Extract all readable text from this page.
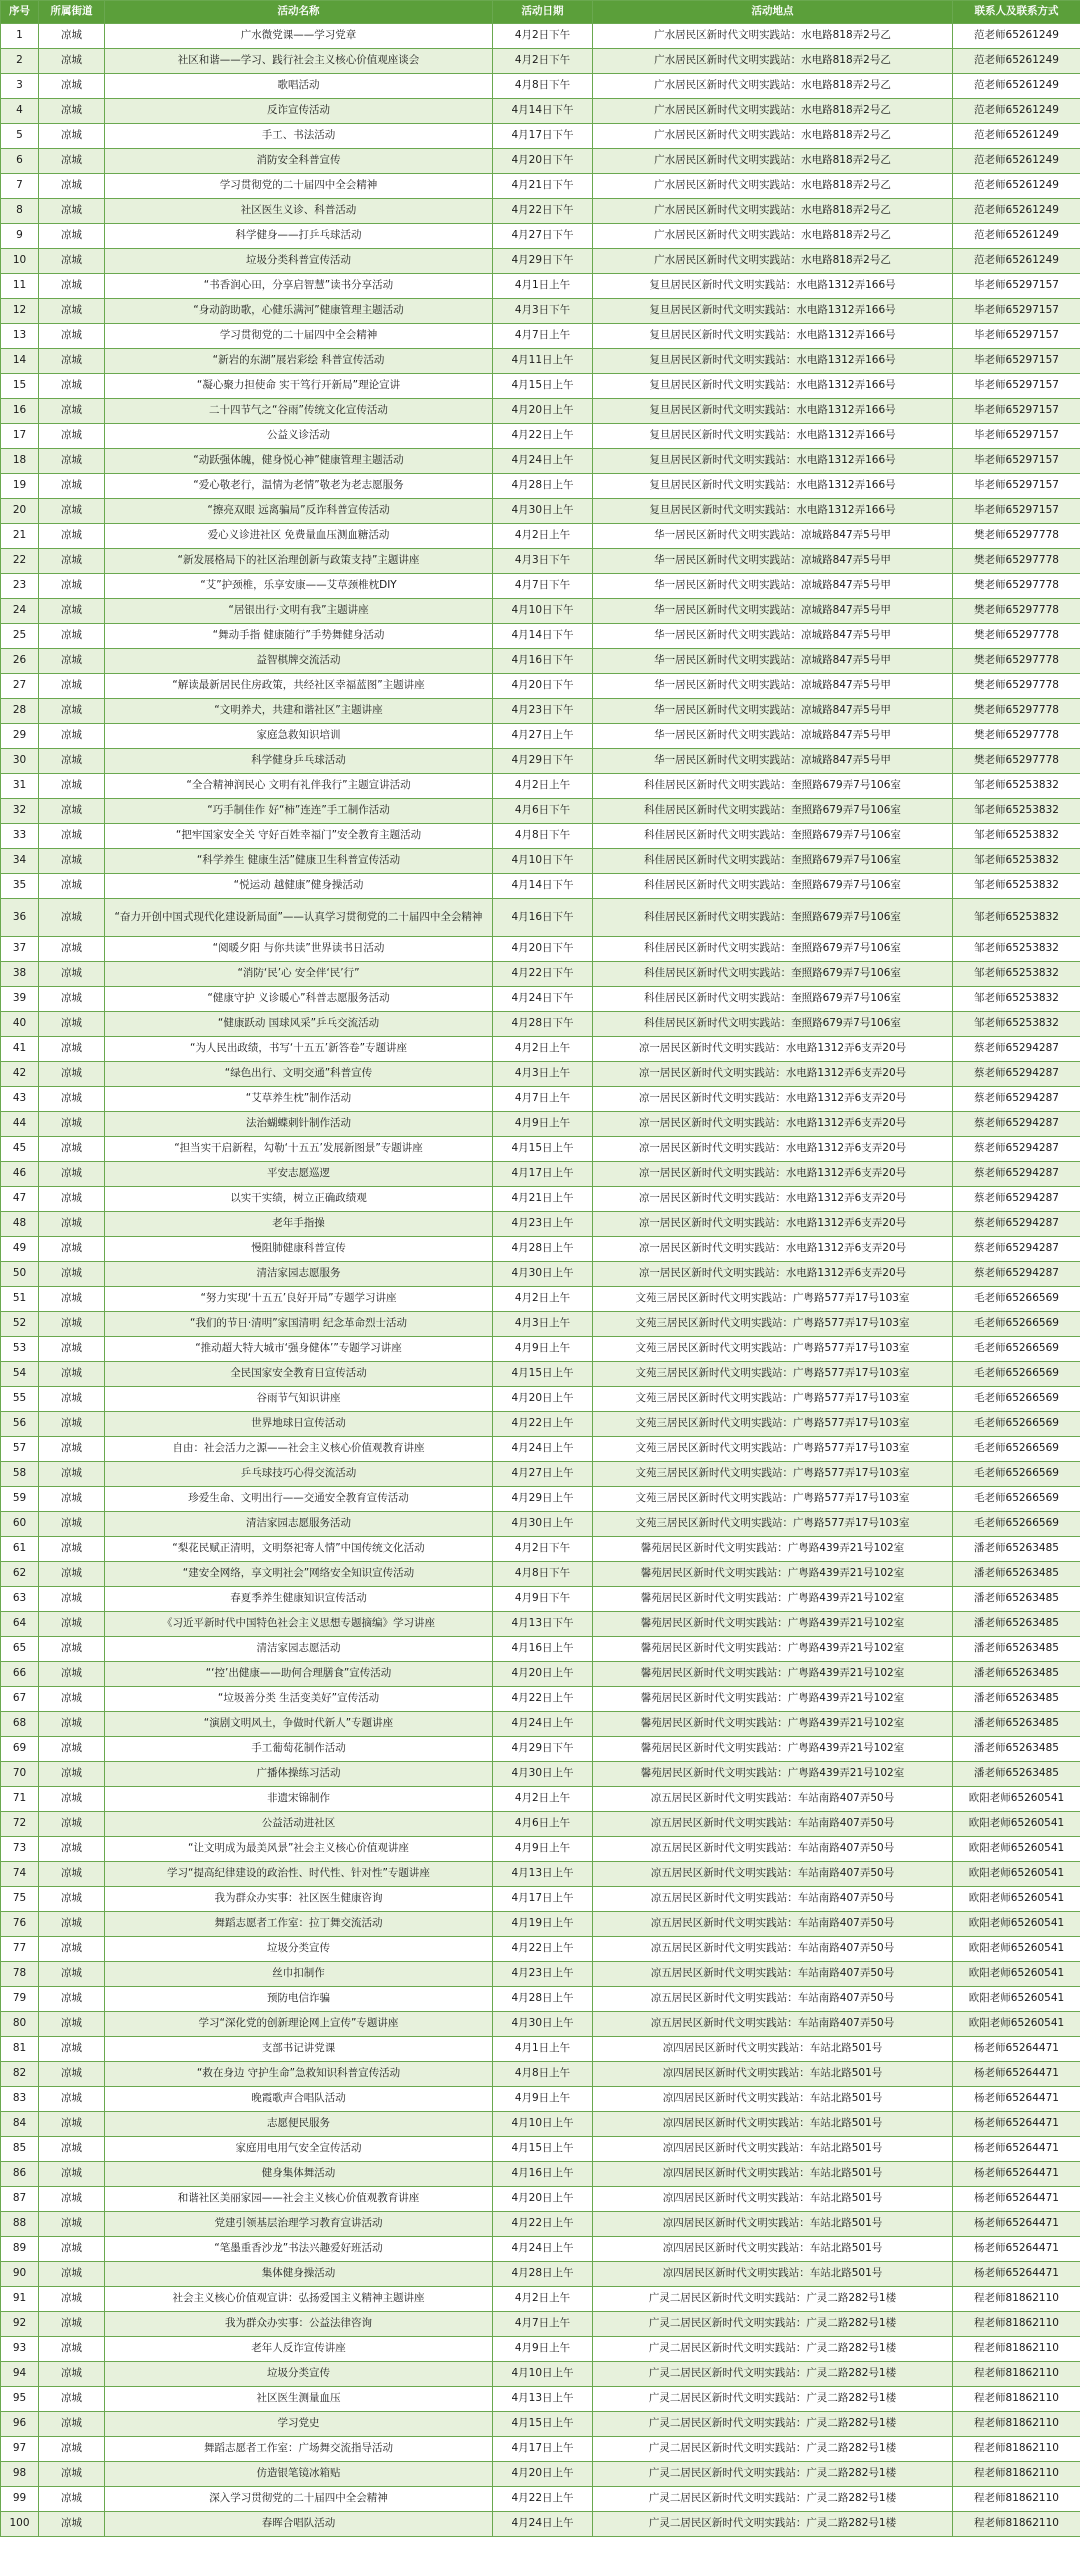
序号	所属街道	活动名称	活动日期	活动地点	联系人及联系方式
1	凉城	广水微党课——学习党章	4月2日下午	广水居民区新时代文明实践站：水电路818弄2号乙	范老师65261249
2	凉城	社区和谐——学习、践行社会主义核心价值观座谈会	4月2日下午	广水居民区新时代文明实践站：水电路818弄2号乙	范老师65261249
3	凉城	歌唱活动	4月8日下午	广水居民区新时代文明实践站：水电路818弄2号乙	范老师65261249
4	凉城	反诈宣传活动	4月14日下午	广水居民区新时代文明实践站：水电路818弄2号乙	范老师65261249
5	凉城	手工、书法活动	4月17日下午	广水居民区新时代文明实践站：水电路818弄2号乙	范老师65261249
6	凉城	消防安全科普宣传	4月20日下午	广水居民区新时代文明实践站：水电路818弄2号乙	范老师65261249
7	凉城	学习贯彻党的二十届四中全会精神	4月21日下午	广水居民区新时代文明实践站：水电路818弄2号乙	范老师65261249
8	凉城	社区医生义诊、科普活动	4月22日下午	广水居民区新时代文明实践站：水电路818弄2号乙	范老师65261249
9	凉城	科学健身——打乒乓球活动	4月27日下午	广水居民区新时代文明实践站：水电路818弄2号乙	范老师65261249
10	凉城	垃圾分类科普宣传活动	4月29日下午	广水居民区新时代文明实践站：水电路818弄2号乙	范老师65261249
11	凉城	“书香润心田，分享启智慧”读书分享活动	4月1日上午	复旦居民区新时代文明实践站：水电路1312弄166号	毕老师65297157
12	凉城	“身动韵助歌，心健乐满河”健康管理主题活动	4月3日下午	复旦居民区新时代文明实践站：水电路1312弄166号	毕老师65297157
13	凉城	学习贯彻党的二十届四中全会精神	4月7日上午	复旦居民区新时代文明实践站：水电路1312弄166号	毕老师65297157
14	凉城	“新岩的东湖”展岩彩绘 科普宣传活动	4月11日上午	复旦居民区新时代文明实践站：水电路1312弄166号	毕老师65297157
15	凉城	“凝心聚力担使命 实干笃行开新局”理论宣讲	4月15日上午	复旦居民区新时代文明实践站：水电路1312弄166号	毕老师65297157
16	凉城	二十四节气之“谷雨”传统文化宣传活动	4月20日上午	复旦居民区新时代文明实践站：水电路1312弄166号	毕老师65297157
17	凉城	公益义诊活动	4月22日上午	复旦居民区新时代文明实践站：水电路1312弄166号	毕老师65297157
18	凉城	“动跃强体魄，健身悦心神”健康管理主题活动	4月24日上午	复旦居民区新时代文明实践站：水电路1312弄166号	毕老师65297157
19	凉城	“爱心敬老行，温情为老情”敬老为老志愿服务	4月28日上午	复旦居民区新时代文明实践站：水电路1312弄166号	毕老师65297157
20	凉城	“擦亮双眼 远离骗局”反诈科普宣传活动	4月30日上午	复旦居民区新时代文明实践站：水电路1312弄166号	毕老师65297157
21	凉城	爱心义诊进社区 免费量血压测血糖活动	4月2日上午	华一居民区新时代文明实践站：凉城路847弄5号甲	樊老师65297778
22	凉城	“新发展格局下的社区治理创新与政策支持”主题讲座	4月3日下午	华一居民区新时代文明实践站：凉城路847弄5号甲	樊老师65297778
23	凉城	“艾”护颈椎，乐享安康——艾草颈椎枕DIY	4月7日下午	华一居民区新时代文明实践站：凉城路847弄5号甲	樊老师65297778
24	凉城	“居银出行·文明有我”主题讲座	4月10日下午	华一居民区新时代文明实践站：凉城路847弄5号甲	樊老师65297778
25	凉城	“舞动手指 健康随行”手势舞健身活动	4月14日下午	华一居民区新时代文明实践站：凉城路847弄5号甲	樊老师65297778
26	凉城	益智棋牌交流活动	4月16日下午	华一居民区新时代文明实践站：凉城路847弄5号甲	樊老师65297778
27	凉城	“解读最新居民住房政策，共经社区幸福蓝图”主题讲座	4月20日下午	华一居民区新时代文明实践站：凉城路847弄5号甲	樊老师65297778
28	凉城	“文明养犬，共建和谐社区”主题讲座	4月23日下午	华一居民区新时代文明实践站：凉城路847弄5号甲	樊老师65297778
29	凉城	家庭急救知识培训	4月27日上午	华一居民区新时代文明实践站：凉城路847弄5号甲	樊老师65297778
30	凉城	科学健身乒乓球活动	4月29日下午	华一居民区新时代文明实践站：凉城路847弄5号甲	樊老师65297778
31	凉城	“全合精神润民心 文明有礼伴我行”主题宣讲活动	4月2日上午	科佳居民区新时代文明实践站：奎照路679弄7号106室	邹老师65253832
32	凉城	“巧手制佳作 好“柿”连连”手工制作活动	4月6日下午	科佳居民区新时代文明实践站：奎照路679弄7号106室	邹老师65253832
33	凉城	“把牢国家安全关 守好百姓幸福门”安全教育主题活动	4月8日下午	科佳居民区新时代文明实践站：奎照路679弄7号106室	邹老师65253832
34	凉城	“科学养生 健康生活”健康卫生科普宣传活动	4月10日下午	科佳居民区新时代文明实践站：奎照路679弄7号106室	邹老师65253832
35	凉城	“悦运动 越健康”健身操活动	4月14日下午	科佳居民区新时代文明实践站：奎照路679弄7号106室	邹老师65253832
36	凉城	“奋力开创中国式现代化建设新局面”——认真学习贯彻党的二十届四中全会精神	4月16日下午	科佳居民区新时代文明实践站：奎照路679弄7号106室	邹老师65253832
37	凉城	“阅暖夕阳 与你共读”世界读书日活动	4月20日下午	科佳居民区新时代文明实践站：奎照路679弄7号106室	邹老师65253832
38	凉城	“消防‘民’心 安全伴‘民’行”	4月22日下午	科佳居民区新时代文明实践站：奎照路679弄7号106室	邹老师65253832
39	凉城	“健康守护 义诊暖心”科普志愿服务活动	4月24日下午	科佳居民区新时代文明实践站：奎照路679弄7号106室	邹老师65253832
40	凉城	“健康跃动 国球风采”乒乓交流活动	4月28日下午	科佳居民区新时代文明实践站：奎照路679弄7号106室	邹老师65253832
41	凉城	“为人民出政绩，书写‘十五五’新答卷”专题讲座	4月2日上午	凉一居民区新时代文明实践站：水电路1312弄6支弄20号	蔡老师65294287
42	凉城	“绿色出行、文明交通”科普宣传	4月3日上午	凉一居民区新时代文明实践站：水电路1312弄6支弄20号	蔡老师65294287
43	凉城	“艾草养生枕”制作活动	4月7日上午	凉一居民区新时代文明实践站：水电路1312弄6支弄20号	蔡老师65294287
44	凉城	法治蝴蝶刺针制作活动	4月9日上午	凉一居民区新时代文明实践站：水电路1312弄6支弄20号	蔡老师65294287
45	凉城	“担当实干启新程，勾勒‘十五五’发展新图景”专题讲座	4月15日上午	凉一居民区新时代文明实践站：水电路1312弄6支弄20号	蔡老师65294287
46	凉城	平安志愿巡逻	4月17日上午	凉一居民区新时代文明实践站：水电路1312弄6支弄20号	蔡老师65294287
47	凉城	以实干实绩，树立正确政绩观	4月21日上午	凉一居民区新时代文明实践站：水电路1312弄6支弄20号	蔡老师65294287
48	凉城	老年手指操	4月23日上午	凉一居民区新时代文明实践站：水电路1312弄6支弄20号	蔡老师65294287
49	凉城	慢阻肺健康科普宣传	4月28日上午	凉一居民区新时代文明实践站：水电路1312弄6支弄20号	蔡老师65294287
50	凉城	清洁家园志愿服务	4月30日上午	凉一居民区新时代文明实践站：水电路1312弄6支弄20号	蔡老师65294287
51	凉城	“努力实现‘十五五’良好开局”专题学习讲座	4月2日上午	文苑三居民区新时代文明实践站：广粤路577弄17号103室	毛老师65266569
52	凉城	“我们的节日·清明”家国清明 纪念革命烈士活动	4月3日上午	文苑三居民区新时代文明实践站：广粤路577弄17号103室	毛老师65266569
53	凉城	“推动超大特大城市‘强身健体’”专题学习讲座	4月9日上午	文苑三居民区新时代文明实践站：广粤路577弄17号103室	毛老师65266569
54	凉城	全民国家安全教育日宣传活动	4月15日上午	文苑三居民区新时代文明实践站：广粤路577弄17号103室	毛老师65266569
55	凉城	谷雨节气知识讲座	4月20日上午	文苑三居民区新时代文明实践站：广粤路577弄17号103室	毛老师65266569
56	凉城	世界地球日宣传活动	4月22日上午	文苑三居民区新时代文明实践站：广粤路577弄17号103室	毛老师65266569
57	凉城	自由：社会活力之源——社会主义核心价值观教育讲座	4月24日上午	文苑三居民区新时代文明实践站：广粤路577弄17号103室	毛老师65266569
58	凉城	乒乓球技巧心得交流活动	4月27日上午	文苑三居民区新时代文明实践站：广粤路577弄17号103室	毛老师65266569
59	凉城	珍爱生命、文明出行——交通安全教育宣传活动	4月29日上午	文苑三居民区新时代文明实践站：广粤路577弄17号103室	毛老师65266569
60	凉城	清洁家园志愿服务活动	4月30日上午	文苑三居民区新时代文明实践站：广粤路577弄17号103室	毛老师65266569
61	凉城	“梨花民赋正清明，文明祭祀寄人情”中国传统文化活动	4月2日下午	馨苑居民区新时代文明实践站：广粤路439弄21号102室	潘老师65263485
62	凉城	“建安全网络，享文明社会”网络安全知识宣传活动	4月8日下午	馨苑居民区新时代文明实践站：广粤路439弄21号102室	潘老师65263485
63	凉城	春夏季养生健康知识宣传活动	4月9日下午	馨苑居民区新时代文明实践站：广粤路439弄21号102室	潘老师65263485
64	凉城	《习近平新时代中国特色社会主义思想专题摘编》学习讲座	4月13日下午	馨苑居民区新时代文明实践站：广粤路439弄21号102室	潘老师65263485
65	凉城	清洁家园志愿活动	4月16日上午	馨苑居民区新时代文明实践站：广粤路439弄21号102室	潘老师65263485
66	凉城	“‘控’出健康——助何合理膳食”宣传活动	4月20日上午	馨苑居民区新时代文明实践站：广粤路439弄21号102室	潘老师65263485
67	凉城	“垃圾善分类 生活变美好”宣传活动	4月22日上午	馨苑居民区新时代文明实践站：广粤路439弄21号102室	潘老师65263485
68	凉城	“演剧文明风土，争做时代新人”专题讲座	4月24日上午	馨苑居民区新时代文明实践站：广粤路439弄21号102室	潘老师65263485
69	凉城	手工葡萄花制作活动	4月29日下午	馨苑居民区新时代文明实践站：广粤路439弄21号102室	潘老师65263485
70	凉城	广播体操练习活动	4月30日上午	馨苑居民区新时代文明实践站：广粤路439弄21号102室	潘老师65263485
71	凉城	非遗宋锦制作	4月2日上午	凉五居民区新时代文明实践站：车站南路407弄50号	欧阳老师65260541
72	凉城	公益活动进社区	4月6日上午	凉五居民区新时代文明实践站：车站南路407弄50号	欧阳老师65260541
73	凉城	“让文明成为最美风景”社会主义核心价值观讲座	4月9日上午	凉五居民区新时代文明实践站：车站南路407弄50号	欧阳老师65260541
74	凉城	学习“提高纪律建设的政治性、时代性、针对性”专题讲座	4月13日上午	凉五居民区新时代文明实践站：车站南路407弄50号	欧阳老师65260541
75	凉城	我为群众办实事：社区医生健康咨询	4月17日上午	凉五居民区新时代文明实践站：车站南路407弄50号	欧阳老师65260541
76	凉城	舞蹈志愿者工作室：拉丁舞交流活动	4月19日上午	凉五居民区新时代文明实践站：车站南路407弄50号	欧阳老师65260541
77	凉城	垃圾分类宣传	4月22日上午	凉五居民区新时代文明实践站：车站南路407弄50号	欧阳老师65260541
78	凉城	丝巾扣制作	4月23日上午	凉五居民区新时代文明实践站：车站南路407弄50号	欧阳老师65260541
79	凉城	预防电信诈骗	4月28日上午	凉五居民区新时代文明实践站：车站南路407弄50号	欧阳老师65260541
80	凉城	学习“深化党的创新理论网上宣传”专题讲座	4月30日上午	凉五居民区新时代文明实践站：车站南路407弄50号	欧阳老师65260541
81	凉城	支部书记讲党课	4月1日上午	凉四居民区新时代文明实践站：车站北路501号	杨老师65264471
82	凉城	“救在身边 守护生命”急救知识科普宣传活动	4月8日上午	凉四居民区新时代文明实践站：车站北路501号	杨老师65264471
83	凉城	晚霞歌声合唱队活动	4月9日上午	凉四居民区新时代文明实践站：车站北路501号	杨老师65264471
84	凉城	志愿便民服务	4月10日上午	凉四居民区新时代文明实践站：车站北路501号	杨老师65264471
85	凉城	家庭用电用气安全宣传活动	4月15日上午	凉四居民区新时代文明实践站：车站北路501号	杨老师65264471
86	凉城	健身集体舞活动	4月16日上午	凉四居民区新时代文明实践站：车站北路501号	杨老师65264471
87	凉城	和谐社区美丽家园——社会主义核心价值观教育讲座	4月20日上午	凉四居民区新时代文明实践站：车站北路501号	杨老师65264471
88	凉城	党建引领基层治理学习教育宣讲活动	4月22日上午	凉四居民区新时代文明实践站：车站北路501号	杨老师65264471
89	凉城	“笔墨重香沙龙”书法兴趣爱好班活动	4月24日上午	凉四居民区新时代文明实践站：车站北路501号	杨老师65264471
90	凉城	集体健身操活动	4月28日上午	凉四居民区新时代文明实践站：车站北路501号	杨老师65264471
91	凉城	社会主义核心价值观宣讲：弘扬爱国主义精神主题讲座	4月2日上午	广灵二居民区新时代文明实践站：广灵二路282号1楼	程老师81862110
92	凉城	我为群众办实事：公益法律咨询	4月7日上午	广灵二居民区新时代文明实践站：广灵二路282号1楼	程老师81862110
93	凉城	老年人反诈宣传讲座	4月9日上午	广灵二居民区新时代文明实践站：广灵二路282号1楼	程老师81862110
94	凉城	垃圾分类宣传	4月10日上午	广灵二居民区新时代文明实践站：广灵二路282号1楼	程老师81862110
95	凉城	社区医生测量血压	4月13日上午	广灵二居民区新时代文明实践站：广灵二路282号1楼	程老师81862110
96	凉城	学习党史	4月15日上午	广灵二居民区新时代文明实践站：广灵二路282号1楼	程老师81862110
97	凉城	舞蹈志愿者工作室：广场舞交流指导活动	4月17日上午	广灵二居民区新时代文明实践站：广灵二路282号1楼	程老师81862110
98	凉城	仿造银笔镜冰箱贴	4月20日上午	广灵二居民区新时代文明实践站：广灵二路282号1楼	程老师81862110
99	凉城	深入学习贯彻党的二十届四中全会精神	4月22日上午	广灵二居民区新时代文明实践站：广灵二路282号1楼	程老师81862110
100	凉城	春晖合唱队活动	4月24日上午	广灵二居民区新时代文明实践站：广灵二路282号1楼	程老师81862110
